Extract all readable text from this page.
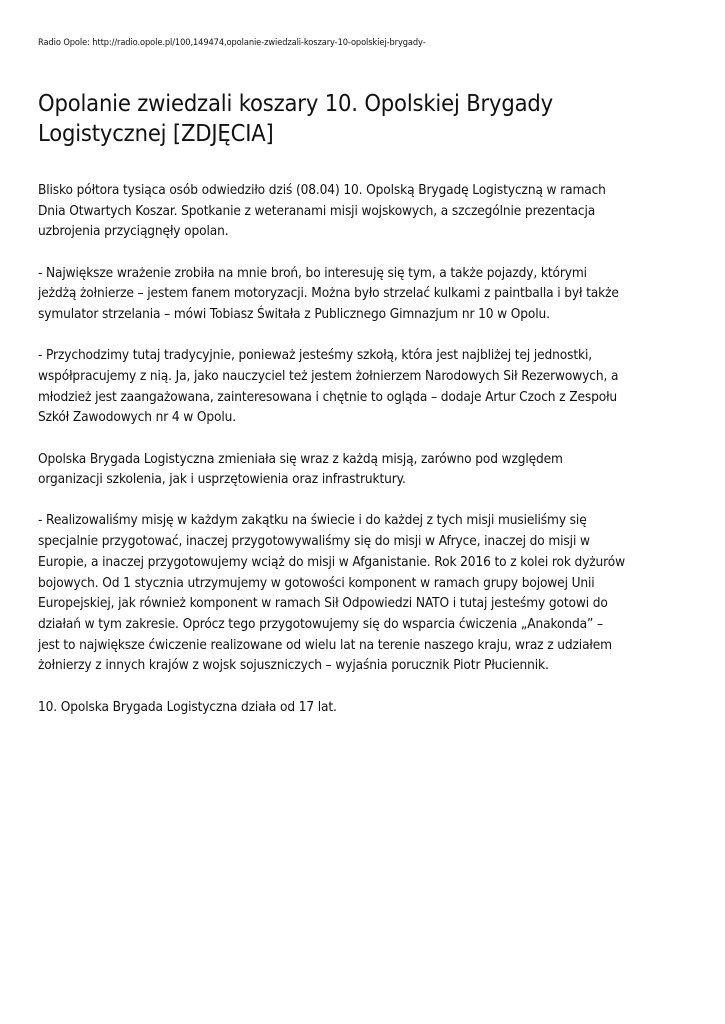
Radio Opole: http://radio.opole.pl/100,149474,opolanie-zwiedzali-koszary-10-opolskiej-brygady-
Opolanie zwiedzali koszary 10. Opolskiej Brygady
Logistycznej [ZDJĘCIA]

Blisko półtora tysiąca osób odwiedziło dziś (08.04) 10. Opolską Brygadę Logistyczną w ramach
Dnia Otwartych Koszar. Spotkanie z weteranami misji wojskowych, a szczególnie prezentacja
uzbrojenia przyciągnęły opolan.

- Największe wrażenie zrobiła na mnie broń, bo interesuję się tym, a także pojazdy, którymi
jeżdżą żołnierze – jestem fanem motoryzacji. Można było strzelać kulkami z paintballa i był także
symulator strzelania – mówi Tobiasz Świtała z Publicznego Gimnazjum nr 10 w Opolu.

- Przychodzimy tutaj tradycyjnie, ponieważ jesteśmy szkołą, która jest najbliżej tej jednostki,
współpracujemy z nią. Ja, jako nauczyciel też jestem żołnierzem Narodowych Sił Rezerwowych, a
młodzież jest zaangażowana, zainteresowana i chętnie to ogląda – dodaje Artur Czoch z Zespołu
Szkół Zawodowych nr 4 w Opolu.

Opolska Brygada Logistyczna zmieniała się wraz z każdą misją, zarówno pod względem
organizacji szkolenia, jak i usprzętowienia oraz infrastruktury.

- Realizowaliśmy misję w każdym zakątku na świecie i do każdej z tych misji musieliśmy się
specjalnie przygotować, inaczej przygotowywaliśmy się do misji w Afryce, inaczej do misji w
Europie, a inaczej przygotowujemy wciąż do misji w Afganistanie. Rok 2016 to z kolei rok dyżurów
bojowych. Od 1 stycznia utrzymujemy w gotowości komponent w ramach grupy bojowej Unii
Europejskiej, jak również komponent w ramach Sił Odpowiedzi NATO i tutaj jesteśmy gotowi do
działań w tym zakresie. Oprócz tego przygotowujemy się do wsparcia ćwiczenia „Anakonda” –
jest to największe ćwiczenie realizowane od wielu lat na terenie naszego kraju, wraz z udziałem
żołnierzy z innych krajów z wojsk sojuszniczych – wyjaśnia porucznik Piotr Płuciennik.

10. Opolska Brygada Logistyczna działa od 17 lat.
